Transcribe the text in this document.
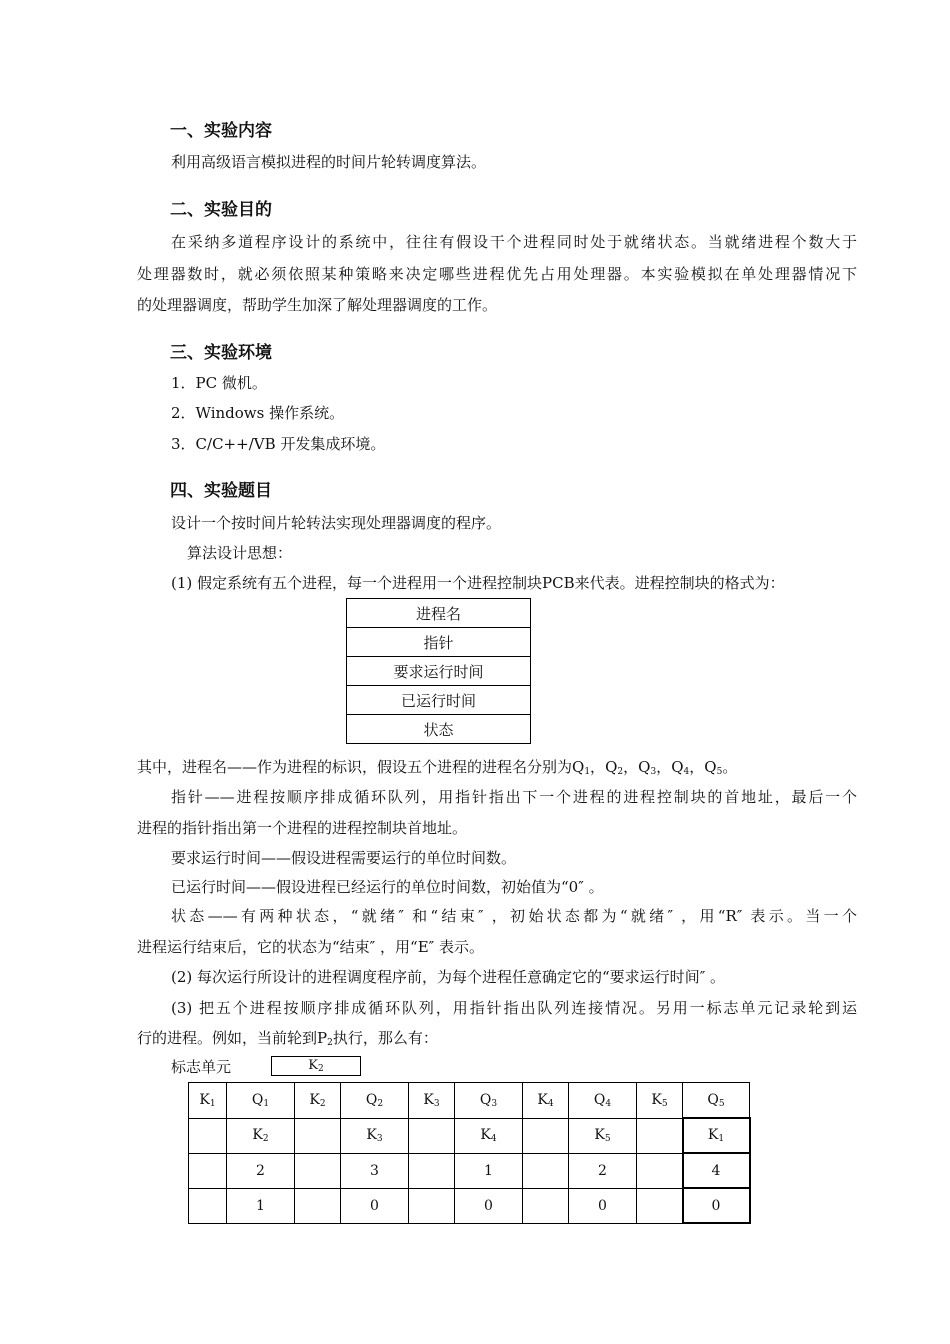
一、实验内容
利用高级语言模拟进程的时间片轮转调度算法。
二、实验目的
在采纳多道程序设计的系统中，往往有假设干个进程同时处于就绪状态。当就绪进程个数大于
处理器数时，就必须依照某种策略来决定哪些进程优先占用处理器。本实验模拟在单处理器情况下
的处理器调度，帮助学生加深了解处理器调度的工作。
三、实验环境
1．PC 微机。
2．Windows 操作系统。
3．C/C++/VB 开发集成环境。
四、实验题目
设计一个按时间片轮转法实现处理器调度的程序。
算法设计思想：
(1) 假定系统有五个进程，每一个进程用一个进程控制块PCB来代表。进程控制块的格式为：
进程名
指针
要求运行时间
已运行时间
状态
其中，进程名——作为进程的标识，假设五个进程的进程名分别为$Q_1$，$Q_2$，$Q_3$，$Q_4$，$Q_5$。
指针——进程按顺序排成循环队列，用指针指出下一个进程的进程控制块的首地址，最后一个
进程的指针指出第一个进程的进程控制块首地址。
要求运行时间——假设进程需要运行的单位时间数。
已运行时间——假设进程已经运行的单位时间数，初始值为“0″ 。
状态——有两种状态，“就绪″ 和“结束″ ，初始状态都为“就绪″ ，用“R″ 表示。当一个
进程运行结束后，它的状态为“结束″ ，用“E″ 表示。
(2) 每次运行所设计的进程调度程序前，为每个进程任意确定它的“要求运行时间″ 。
(3) 把五个进程按顺序排成循环队列，用指针指出队列连接情况。另用一标志单元记录轮到运
行的进程。例如，当前轮到$P_2$执行，那么有：
标志单元	$K_2$
$K_1$	$Q_1$	$K_2$	$Q_2$	$K_3$	$Q_3$	$K_4$	$Q_4$	$K_5$	$Q_5$
	$K_2$		$K_3$		$K_4$		$K_5$		$K_1$
	2		3		1		2		4
	1		0		0		0		0
